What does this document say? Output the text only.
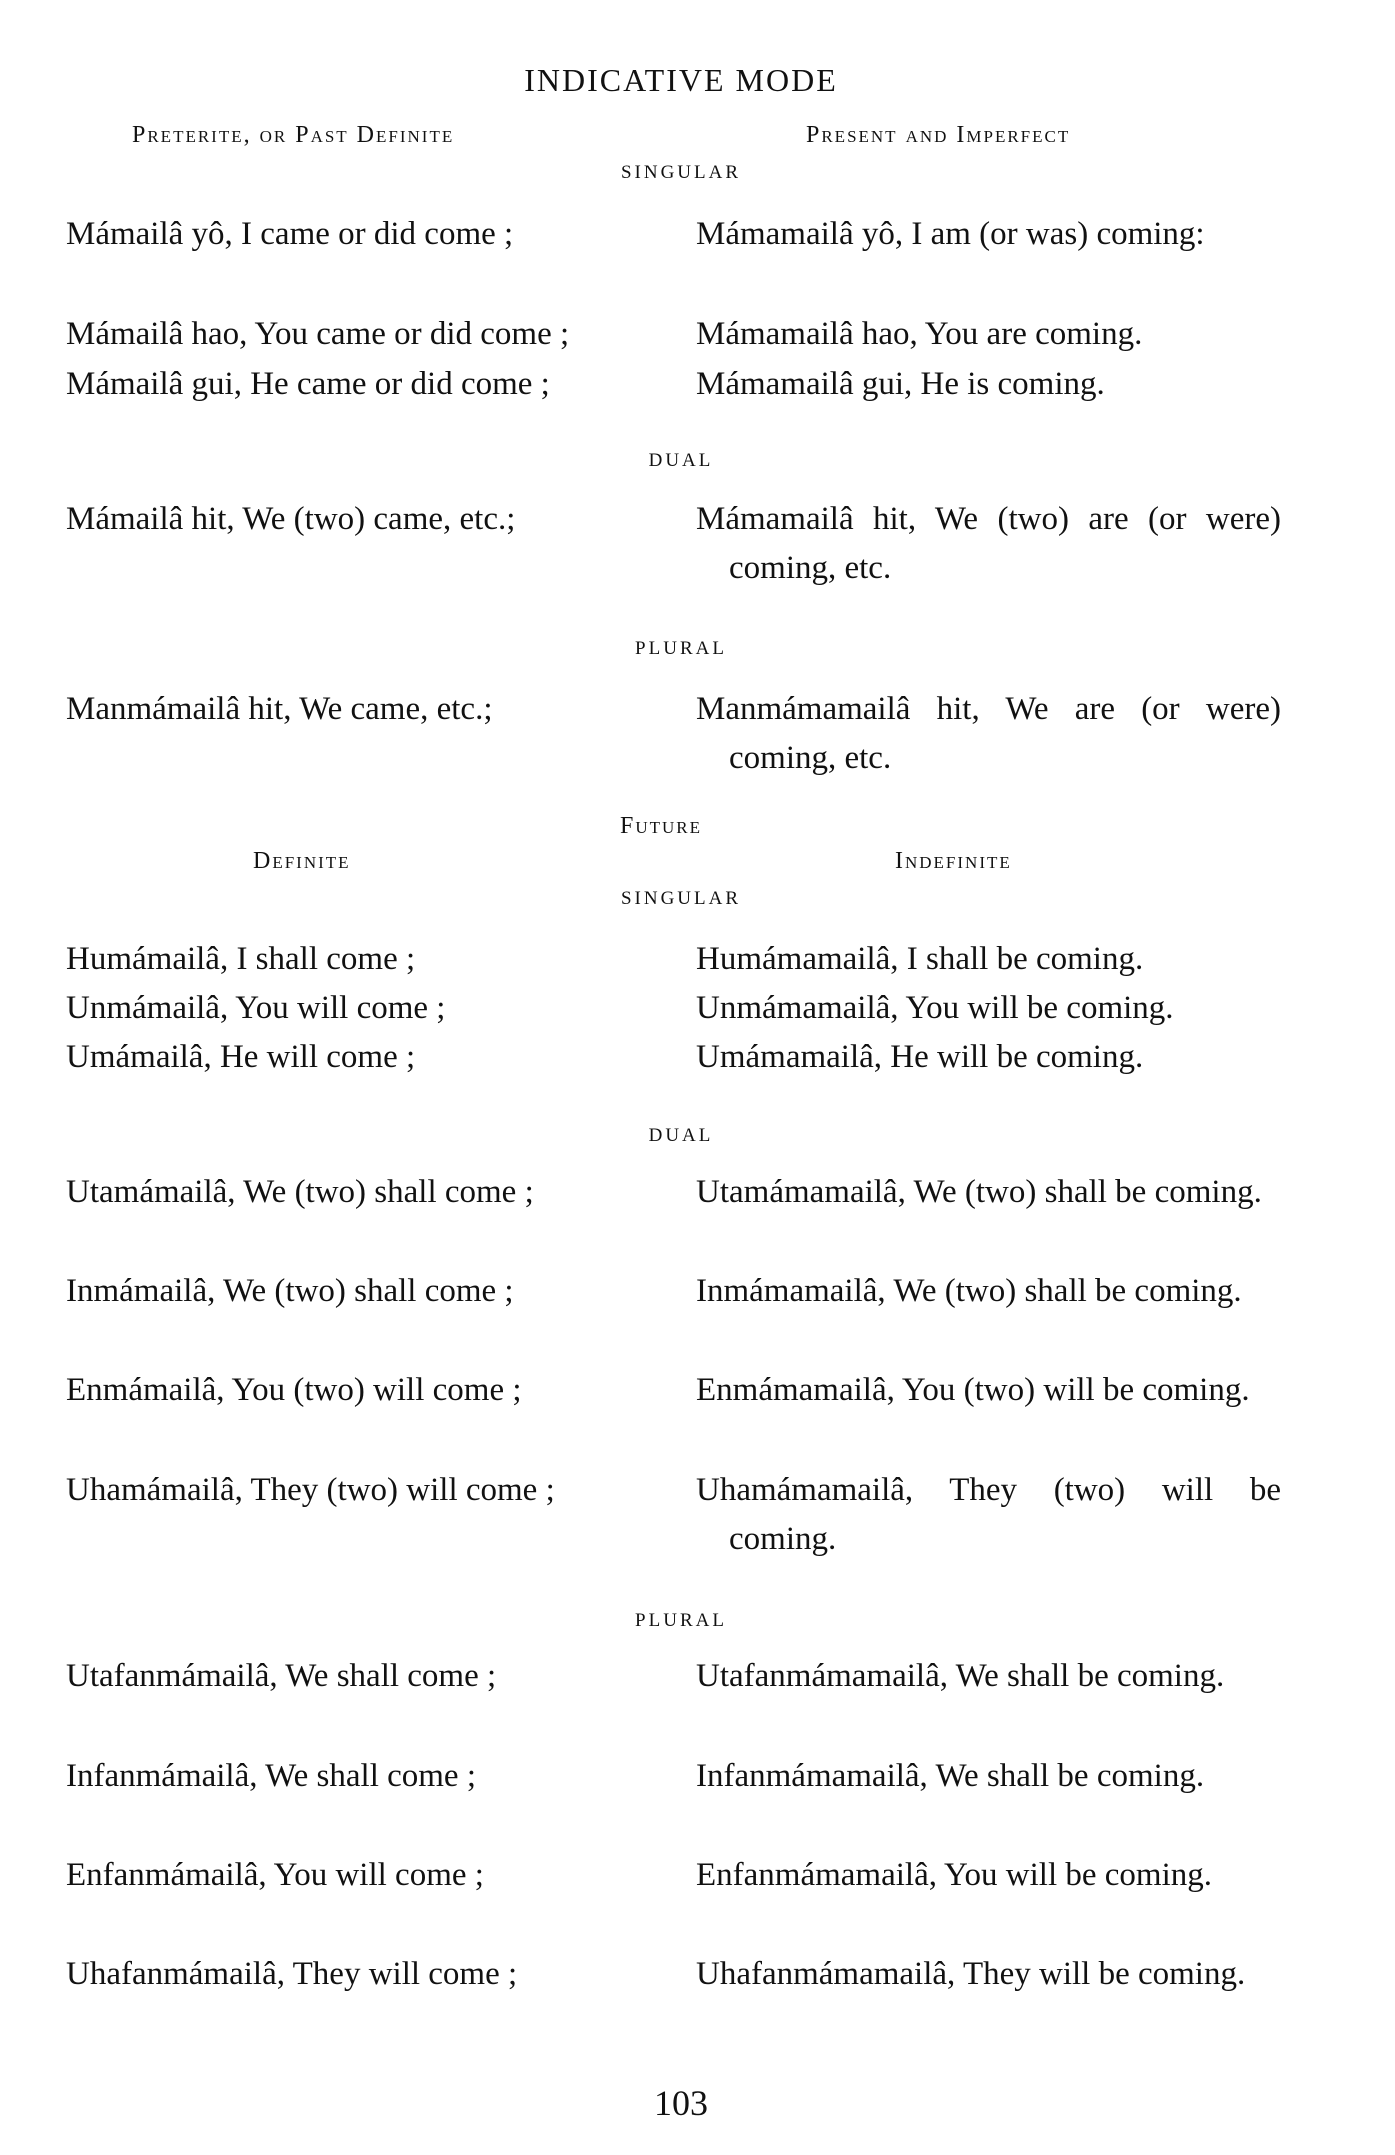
INDICATIVE MODE
Preterite, or Past Definite	Present and Imperfect
SINGULAR
Mámailâ yô, I came or did come ;	Mámamailâ yô, I am (or was) coming:
Mámailâ hao, You came or did come ;	Mámamailâ hao, You are coming.
Mámailâ gui, He came or did come ;	Mámamailâ gui, He is coming.
DUAL
Mámailâ hit, We (two) came, etc.;	Mámamailâ hit, We (two) are (or were) coming, etc.
PLURAL
Manmámailâ hit, We came, etc.;	Manmámamailâ hit, We are (or were) coming, etc.
Future
Definite	Indefinite
SINGULAR
Humámailâ, I shall come ;	Humámamailâ, I shall be coming.
Unmámailâ, You will come ;	Unmámamailâ, You will be coming.
Umámailâ, He will come ;	Umámamailâ, He will be coming.
DUAL
Utamámailâ, We (two) shall come ;	Utamámamailâ, We (two) shall be coming.
Inmámailâ, We (two) shall come ;	Inmámamailâ, We (two) shall be coming.
Enmámailâ, You (two) will come ;	Enmámamailâ, You (two) will be coming.
Uhamámailâ, They (two) will come ;	Uhamámamailâ, They (two) will be coming.
PLURAL
Utafanmámailâ, We shall come ;	Utafanmámamailâ, We shall be coming.
Infanmámailâ, We shall come ;	Infanmámamailâ, We shall be coming.
Enfanmámailâ, You will come ;	Enfanmámamailâ, You will be coming.
Uhafanmámailâ, They will come ;	Uhafanmámamailâ, They will be coming.
103
